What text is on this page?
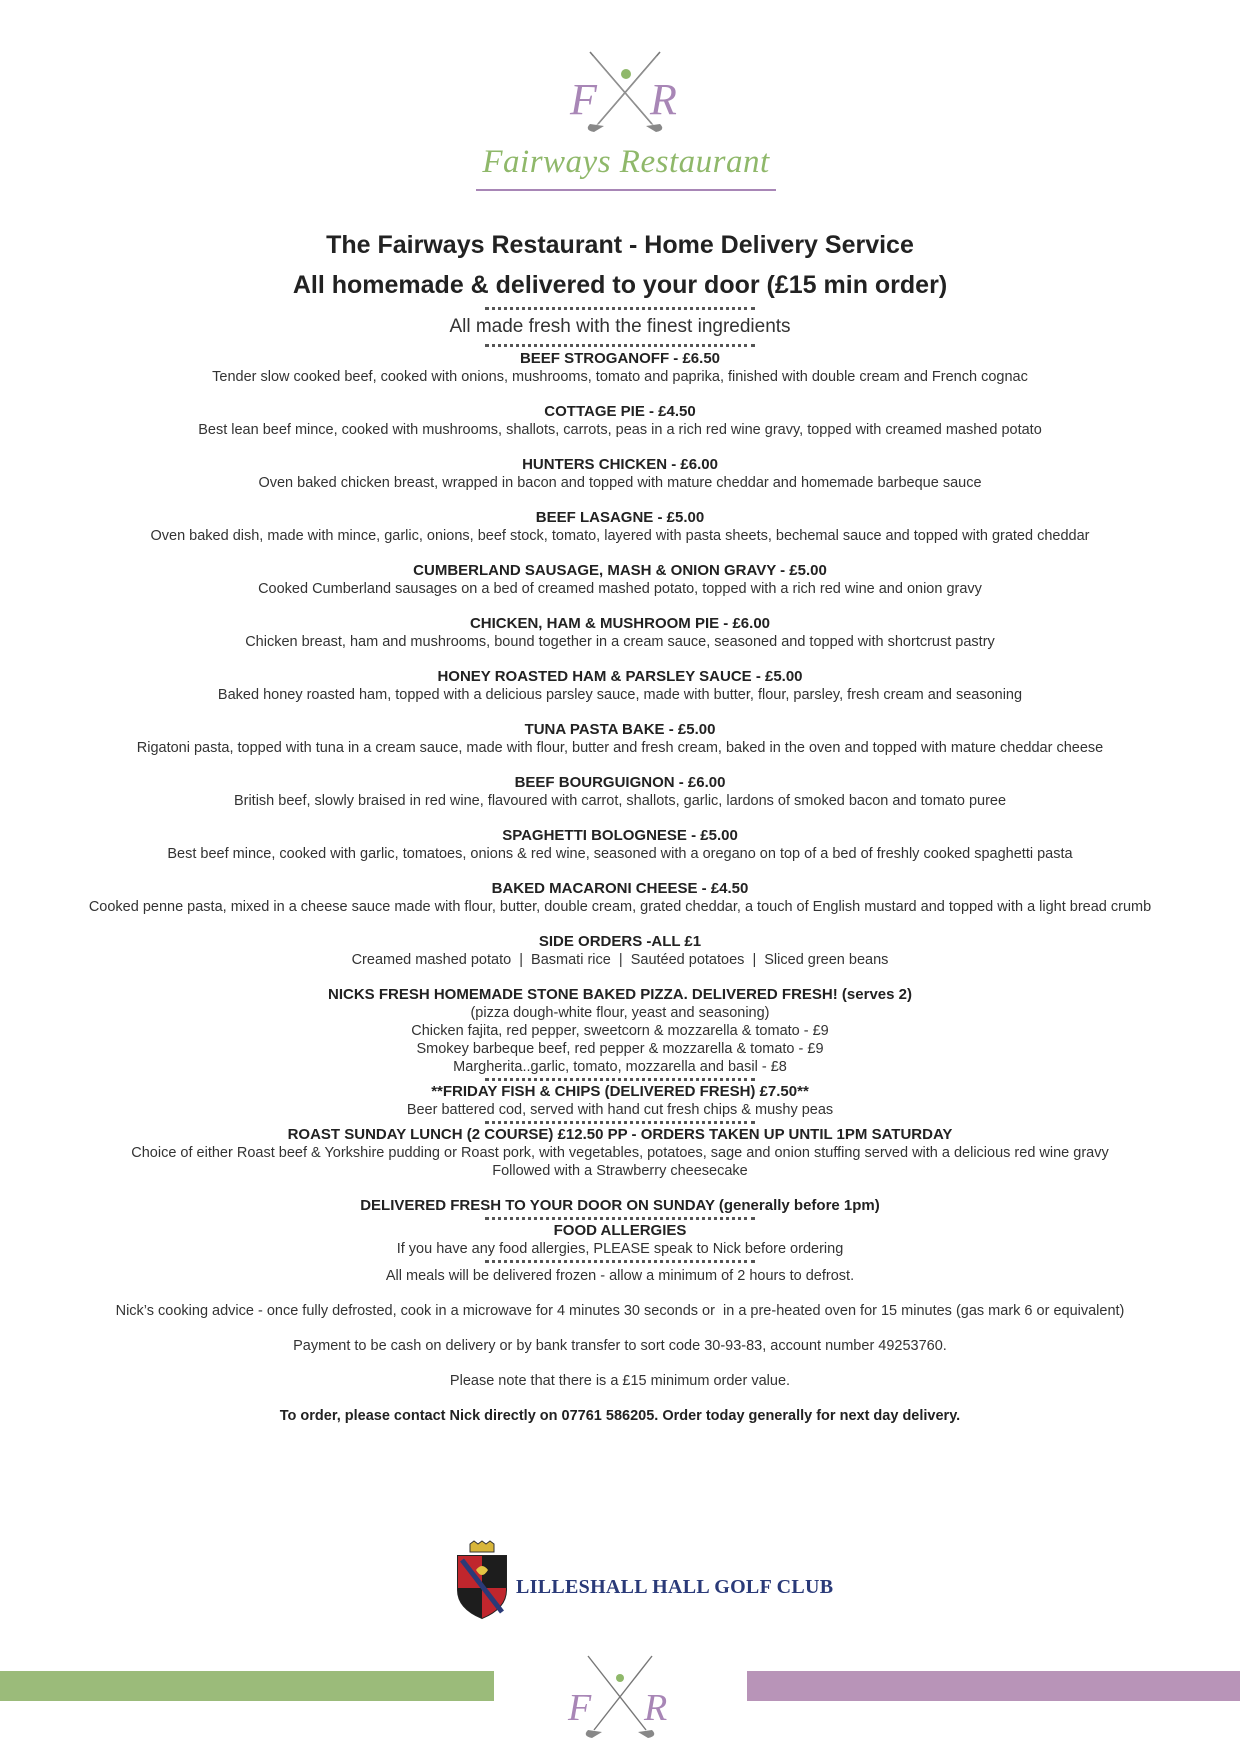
F R
Fairways Restaurant
The Fairways Restaurant - Home Delivery Service
All homemade & delivered to your door (£15 min order)
All made fresh with the finest ingredients
BEEF STROGANOFF - £6.50
Tender slow cooked beef, cooked with onions, mushrooms, tomato and paprika, finished with double cream and French cognac
COTTAGE PIE - £4.50
Best lean beef mince, cooked with mushrooms, shallots, carrots, peas in a rich red wine gravy, topped with creamed mashed potato
HUNTERS CHICKEN - £6.00
Oven baked chicken breast, wrapped in bacon and topped with mature cheddar and homemade barbeque sauce
BEEF LASAGNE - £5.00
Oven baked dish, made with mince, garlic, onions, beef stock, tomato, layered with pasta sheets, bechemal sauce and topped with grated cheddar
CUMBERLAND SAUSAGE, MASH & ONION GRAVY - £5.00
Cooked Cumberland sausages on a bed of creamed mashed potato, topped with a rich red wine and onion gravy
CHICKEN, HAM & MUSHROOM PIE - £6.00
Chicken breast, ham and mushrooms, bound together in a cream sauce, seasoned and topped with shortcrust pastry
HONEY ROASTED HAM & PARSLEY SAUCE - £5.00
Baked honey roasted ham, topped with a delicious parsley sauce, made with butter, flour, parsley, fresh cream and seasoning
TUNA PASTA BAKE - £5.00
Rigatoni pasta, topped with tuna in a cream sauce, made with flour, butter and fresh cream, baked in the oven and topped with mature cheddar cheese
BEEF BOURGUIGNON - £6.00
British beef, slowly braised in red wine, flavoured with carrot, shallots, garlic, lardons of smoked bacon and tomato puree
SPAGHETTI BOLOGNESE - £5.00
Best beef mince, cooked with garlic, tomatoes, onions & red wine, seasoned with a oregano on top of a bed of freshly cooked spaghetti pasta
BAKED MACARONI CHEESE - £4.50
Cooked penne pasta, mixed in a cheese sauce made with flour, butter, double cream, grated cheddar, a touch of English mustard and topped with a light bread crumb
SIDE ORDERS -ALL £1
Creamed mashed potato  |  Basmati rice  |  Sautéed potatoes  |  Sliced green beans
NICKS FRESH HOMEMADE STONE BAKED PIZZA. DELIVERED FRESH! (serves 2)
(pizza dough-white flour, yeast and seasoning)
Chicken fajita, red pepper, sweetcorn & mozzarella & tomato - £9
Smokey barbeque beef, red pepper & mozzarella & tomato - £9
Margherita..garlic, tomato, mozzarella and basil - £8
**FRIDAY FISH & CHIPS (DELIVERED FRESH) £7.50**
Beer battered cod, served with hand cut fresh chips & mushy peas
ROAST SUNDAY LUNCH (2 COURSE) £12.50 PP - ORDERS TAKEN UP UNTIL 1PM SATURDAY
Choice of either Roast beef & Yorkshire pudding or Roast pork, with vegetables, potatoes, sage and onion stuffing served with a delicious red wine gravy
Followed with a Strawberry cheesecake
DELIVERED FRESH TO YOUR DOOR ON SUNDAY (generally before 1pm)
FOOD ALLERGIES
If you have any food allergies, PLEASE speak to Nick before ordering
All meals will be delivered frozen - allow a minimum of 2 hours to defrost.
Nick’s cooking advice - once fully defrosted, cook in a microwave for 4 minutes 30 seconds or  in a pre-heated oven for 15 minutes (gas mark 6 or equivalent)
Payment to be cash on delivery or by bank transfer to sort code 30-93-83, account number 49253760.
Please note that there is a £15 minimum order value.
To order, please contact Nick directly on 07761 586205. Order today generally for next day delivery.
LILLESHALL HALL GOLF CLUB
F R
